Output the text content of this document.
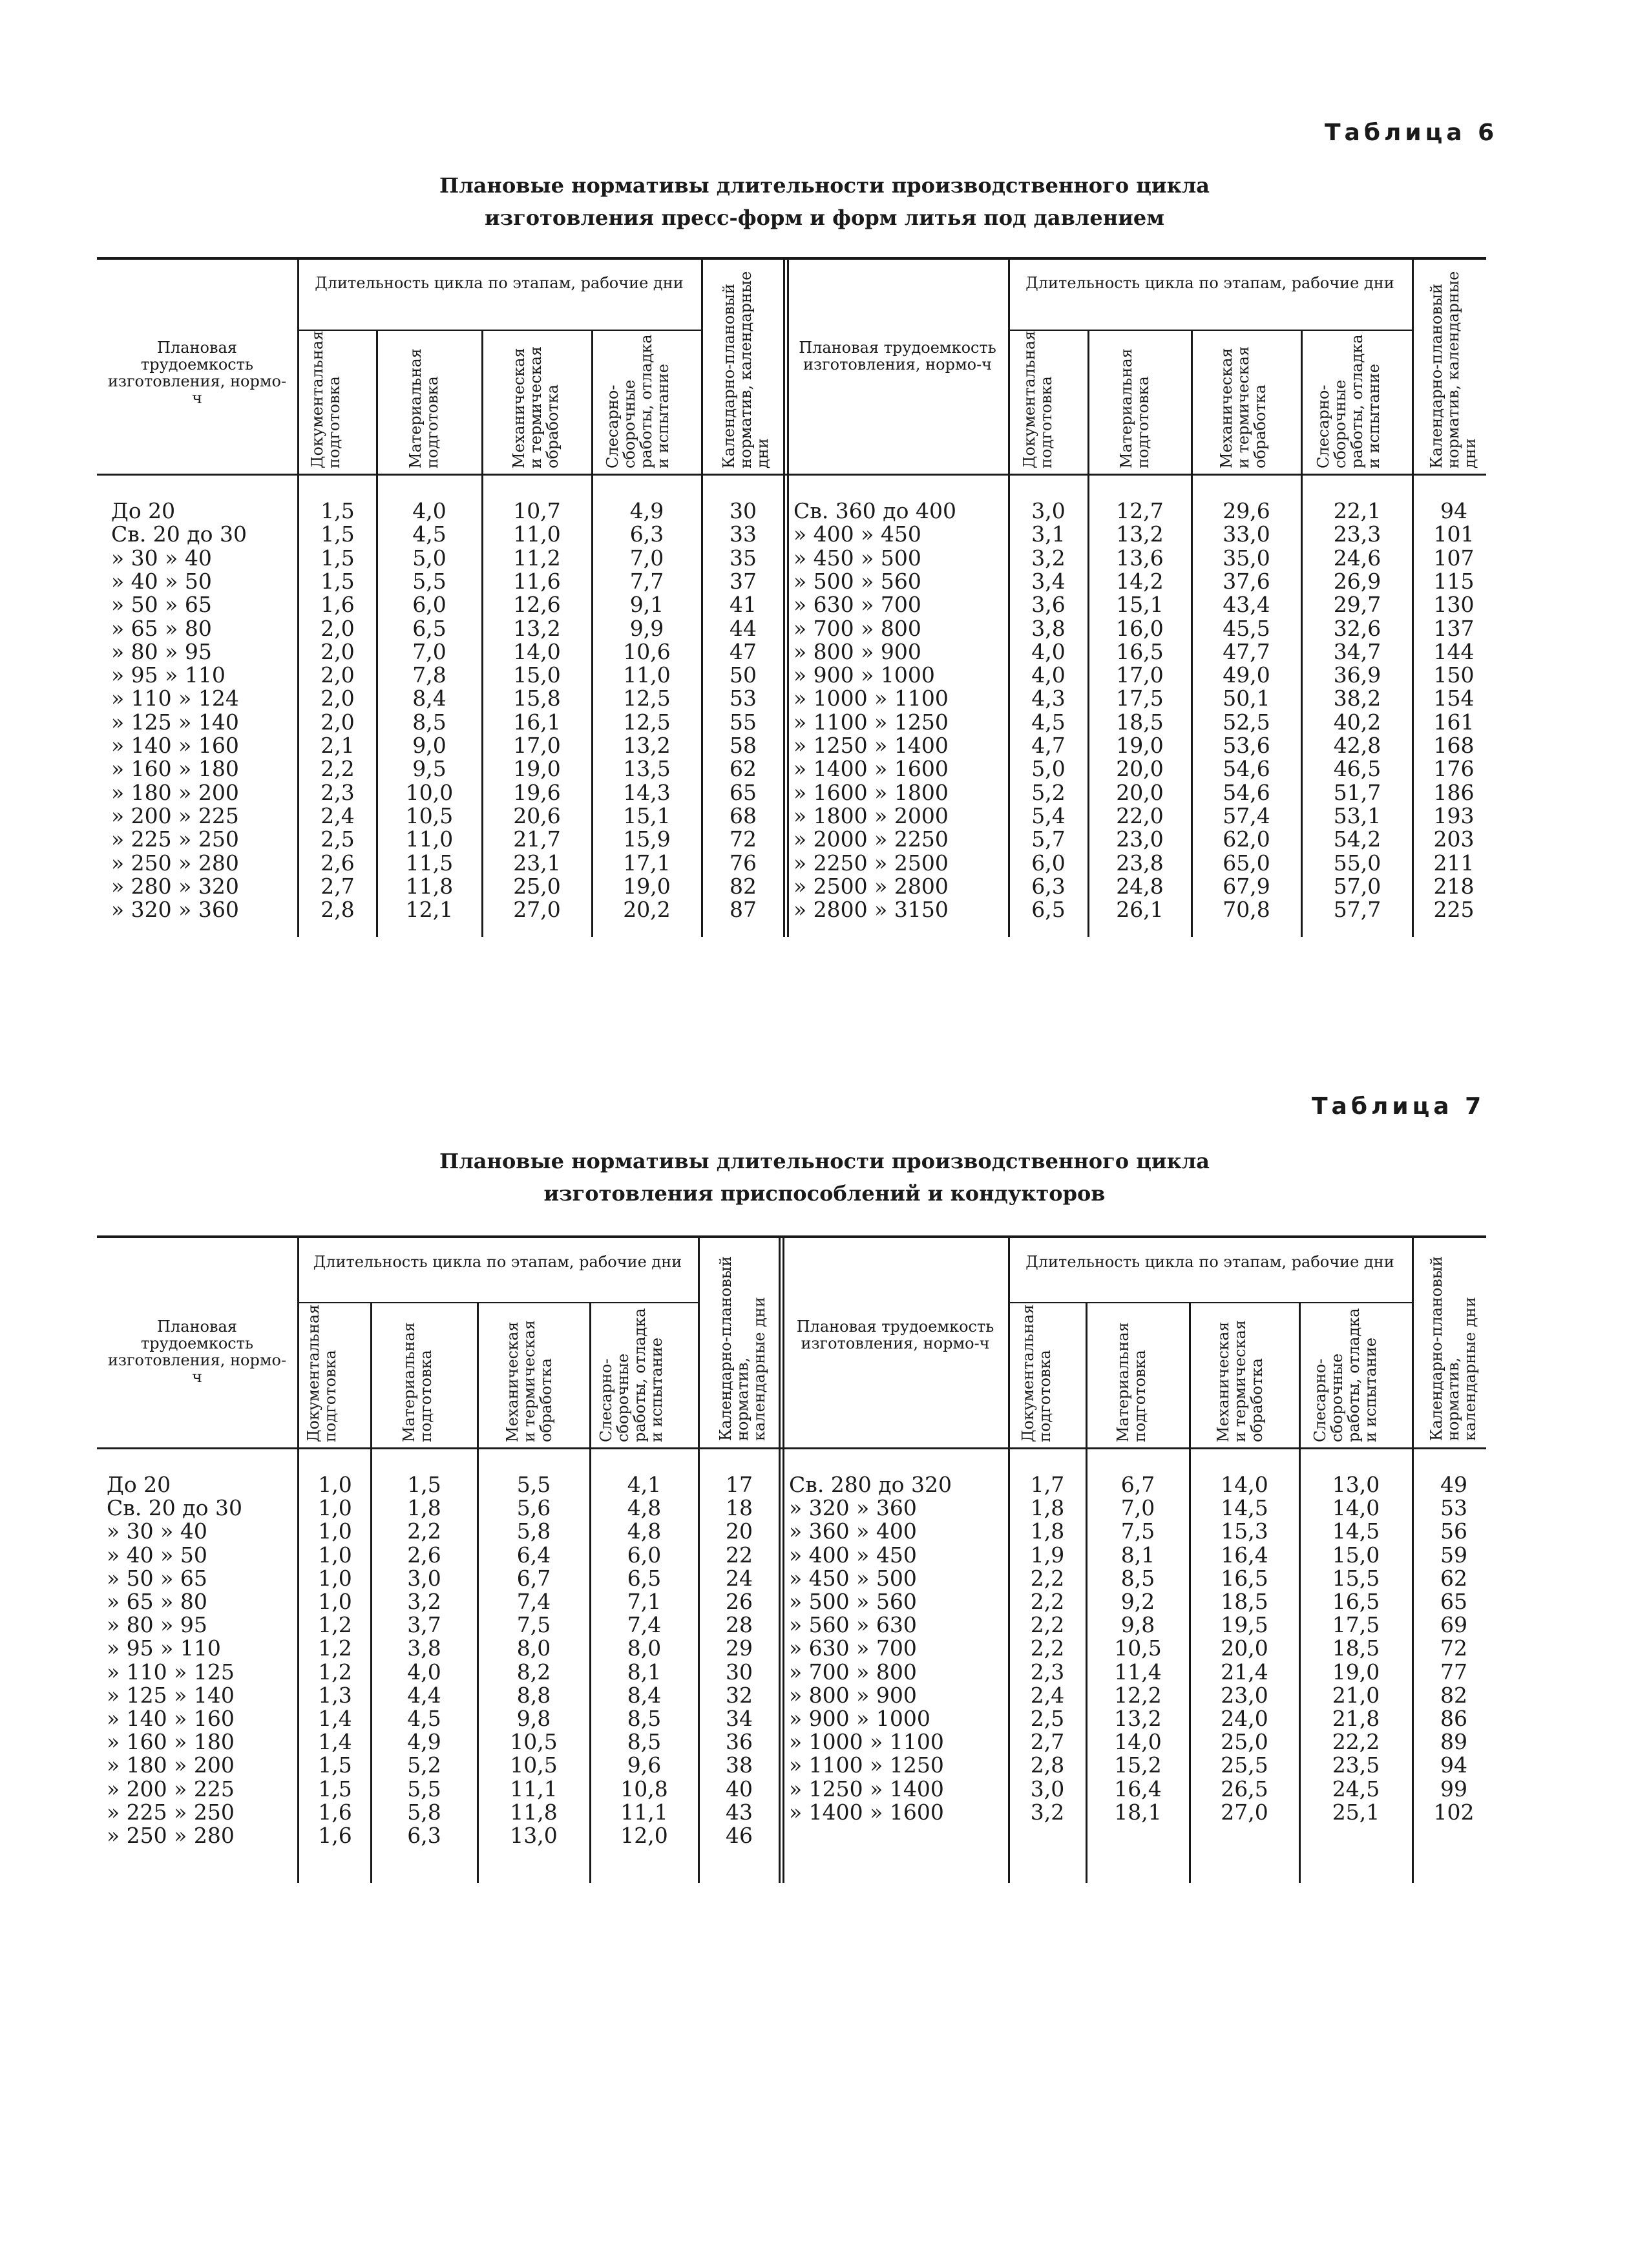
Таблица 6
Плановые нормативы длительности производственного цикла
изготовления пресс-форм и форм литья под давлением
Плановая трудоемкость изготовления, нормо-ч
Плановая трудоемкость изготовления, нормо-ч
Длительность цикла по этапам, рабочие дни	Длительность цикла по этапам, рабочие дни
Документальная подготовка	Материальная подготовка	Механическая и термическая обработка	Слесарно-сборочные работы, отладка и испытание	Календарно-плановый норматив, календарные дни	Документальная подготовка	Материальная подготовка	Механическая и термическая обработка	Слесарно-сборочные работы, отладка и испытание	Календарно-плановый норматив, календарные дни
До 20	1,5	4,0	10,7	4,9	30
Св. 20 до 30	1,5	4,5	11,0	6,3	33
» 30 » 40	1,5	5,0	11,2	7,0	35
» 40 » 50	1,5	5,5	11,6	7,7	37
» 50 » 65	1,6	6,0	12,6	9,1	41
» 65 » 80	2,0	6,5	13,2	9,9	44
» 80 » 95	2,0	7,0	14,0	10,6	47
» 95 » 110	2,0	7,8	15,0	11,0	50
» 110 » 124	2,0	8,4	15,8	12,5	53
» 125 » 140	2,0	8,5	16,1	12,5	55
» 140 » 160	2,1	9,0	17,0	13,2	58
» 160 » 180	2,2	9,5	19,0	13,5	62
» 180 » 200	2,3	10,0	19,6	14,3	65
» 200 » 225	2,4	10,5	20,6	15,1	68
» 225 » 250	2,5	11,0	21,7	15,9	72
» 250 » 280	2,6	11,5	23,1	17,1	76
» 280 » 320	2,7	11,8	25,0	19,0	82
» 320 » 360	2,8	12,1	27,0	20,2	87
Св. 360 до 400	3,0	12,7	29,6	22,1	94
» 400 » 450	3,1	13,2	33,0	23,3	101
» 450 » 500	3,2	13,6	35,0	24,6	107
» 500 » 560	3,4	14,2	37,6	26,9	115
» 630 » 700	3,6	15,1	43,4	29,7	130
» 700 » 800	3,8	16,0	45,5	32,6	137
» 800 » 900	4,0	16,5	47,7	34,7	144
» 900 » 1000	4,0	17,0	49,0	36,9	150
» 1000 » 1100	4,3	17,5	50,1	38,2	154
» 1100 » 1250	4,5	18,5	52,5	40,2	161
» 1250 » 1400	4,7	19,0	53,6	42,8	168
» 1400 » 1600	5,0	20,0	54,6	46,5	176
» 1600 » 1800	5,2	20,0	54,6	51,7	186
» 1800 » 2000	5,4	22,0	57,4	53,1	193
» 2000 » 2250	5,7	23,0	62,0	54,2	203
» 2250 » 2500	6,0	23,8	65,0	55,0	211
» 2500 » 2800	6,3	24,8	67,9	57,0	218
» 2800 » 3150	6,5	26,1	70,8	57,7	225
Таблица 7
Плановые нормативы длительности производственного цикла
изготовления приспособлений и кондукторов
Плановая трудоемкость изготовления, нормо-ч
Плановая трудоемкость изготовления, нормо-ч
Длительность цикла по этапам, рабочие дни	Длительность цикла по этапам, рабочие дни
Документальная подготовка	Материальная подготовка	Механическая и термическая обработка	Слесарно-сборочные работы, отладка и испытание	Календарно-плановый норматив, календарные дни	Документальная подготовка	Материальная подготовка	Механическая и термическая обработка	Слесарно-сборочные работы, отладка и испытание	Календарно-плановый норматив, календарные дни
До 20	1,0	1,5	5,5	4,1	17
Св. 20 до 30	1,0	1,8	5,6	4,8	18
» 30 » 40	1,0	2,2	5,8	4,8	20
» 40 » 50	1,0	2,6	6,4	6,0	22
» 50 » 65	1,0	3,0	6,7	6,5	24
» 65 » 80	1,0	3,2	7,4	7,1	26
» 80 » 95	1,2	3,7	7,5	7,4	28
» 95 » 110	1,2	3,8	8,0	8,0	29
» 110 » 125	1,2	4,0	8,2	8,1	30
» 125 » 140	1,3	4,4	8,8	8,4	32
» 140 » 160	1,4	4,5	9,8	8,5	34
» 160 » 180	1,4	4,9	10,5	8,5	36
» 180 » 200	1,5	5,2	10,5	9,6	38
» 200 » 225	1,5	5,5	11,1	10,8	40
» 225 » 250	1,6	5,8	11,8	11,1	43
» 250 » 280	1,6	6,3	13,0	12,0	46
Св. 280 до 320	1,7	6,7	14,0	13,0	49
» 320 » 360	1,8	7,0	14,5	14,0	53
» 360 » 400	1,8	7,5	15,3	14,5	56
» 400 » 450	1,9	8,1	16,4	15,0	59
» 450 » 500	2,2	8,5	16,5	15,5	62
» 500 » 560	2,2	9,2	18,5	16,5	65
» 560 » 630	2,2	9,8	19,5	17,5	69
» 630 » 700	2,2	10,5	20,0	18,5	72
» 700 » 800	2,3	11,4	21,4	19,0	77
» 800 » 900	2,4	12,2	23,0	21,0	82
» 900 » 1000	2,5	13,2	24,0	21,8	86
» 1000 » 1100	2,7	14,0	25,0	22,2	89
» 1100 » 1250	2,8	15,2	25,5	23,5	94
» 1250 » 1400	3,0	16,4	26,5	24,5	99
» 1400 » 1600	3,2	18,1	27,0	25,1	102
